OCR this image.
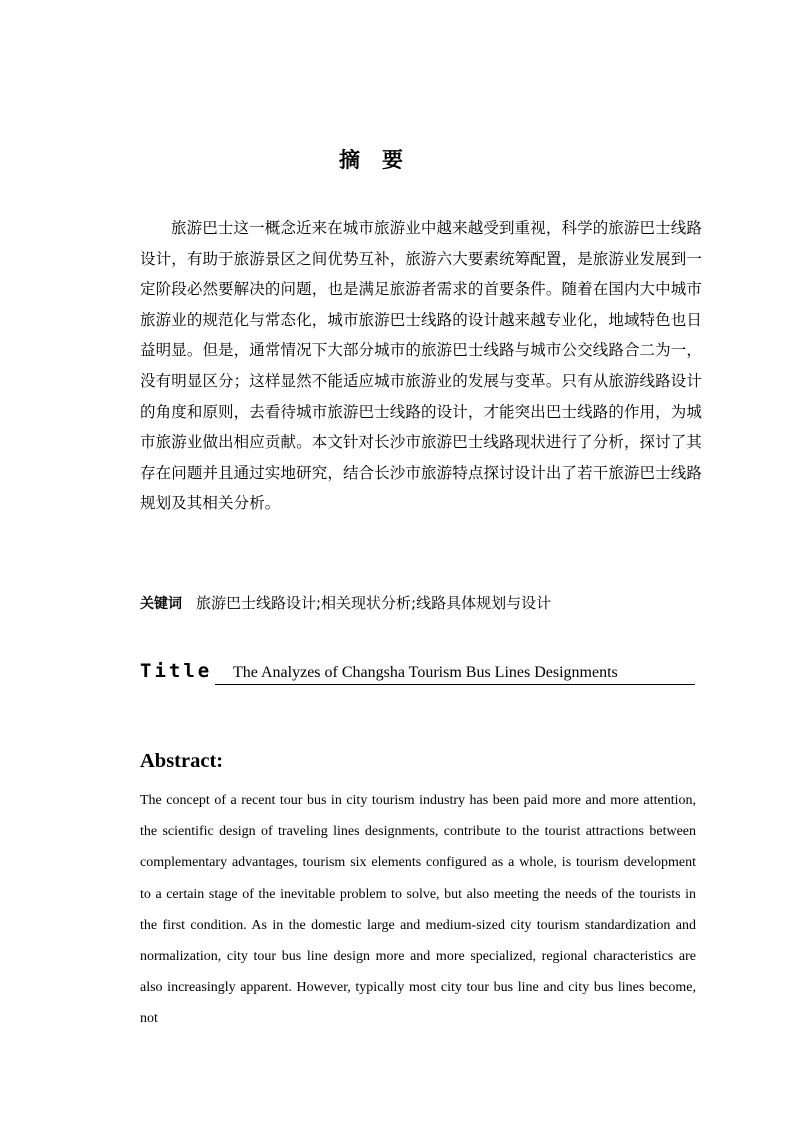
摘要

旅游巴士这一概念近来在城市旅游业中越来越受到重视，科学的旅游巴士线路设计，有助于旅游景区之间优势互补，旅游六大要素统筹配置，是旅游业发展到一定阶段必然要解决的问题，也是满足旅游者需求的首要条件。随着在国内大中城市旅游业的规范化与常态化，城市旅游巴士线路的设计越来越专业化，地域特色也日益明显。但是，通常情况下大部分城市的旅游巴士线路与城市公交线路合二为一，没有明显区分；这样显然不能适应城市旅游业的发展与变革。只有从旅游线路设计的角度和原则，去看待城市旅游巴士线路的设计，才能突出巴士线路的作用，为城市旅游业做出相应贡献。本文针对长沙市旅游巴士线路现状进行了分析，探讨了其存在问题并且通过实地研究，结合长沙市旅游特点探讨设计出了若干旅游巴士线路规划及其相关分析。

关键词 旅游巴士线路设计;相关现状分析;线路具体规划与设计
Title	The Analyzes of Changsha Tourism Bus Lines Designments
Abstract:

The concept of a recent tour bus in city tourism industry has been paid more and more attention, the scientific design of traveling lines designments, contribute to the tourist attractions between complementary advantages, tourism six elements configured as a whole, is tourism development to a certain stage of the inevitable problem to solve, but also meeting the needs of the tourists in the first condition. As in the domestic large and medium-sized city tourism standardization and normalization, city tour bus line design more and more specialized, regional characteristics are also increasingly apparent. However, typically most city tour bus line and city bus lines become, not
